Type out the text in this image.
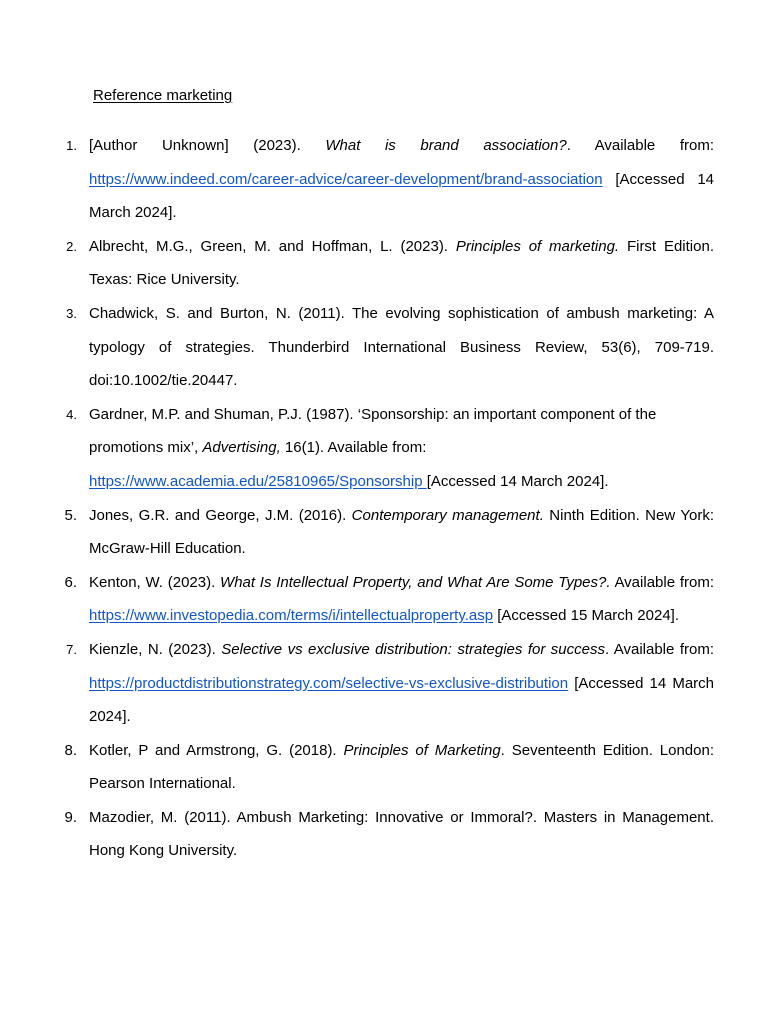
Reference marketing
1. [Author Unknown] (2023). What is brand association?. Available from: https://www.indeed.com/career-advice/career-development/brand-association [Accessed 14 March 2024].
2. Albrecht, M.G., Green, M. and Hoffman, L. (2023). Principles of marketing. First Edition. Texas: Rice University.
3. Chadwick, S. and Burton, N. (2011). The evolving sophistication of ambush marketing: A typology of strategies. Thunderbird International Business Review, 53(6), 709-719. doi:10.1002/tie.20447.
4. Gardner, M.P. and Shuman, P.J. (1987). ‘Sponsorship: an important component of the promotions mix’, Advertising, 16(1). Available from: https://www.academia.edu/25810965/Sponsorship [Accessed 14 March 2024].
5. Jones, G.R. and George, J.M. (2016). Contemporary management. Ninth Edition. New York: McGraw-Hill Education.
6. Kenton, W. (2023). What Is Intellectual Property, and What Are Some Types?. Available from: https://www.investopedia.com/terms/i/intellectualproperty.asp [Accessed 15 March 2024].
7. Kienzle, N. (2023). Selective vs exclusive distribution: strategies for success. Available from: https://productdistributionstrategy.com/selective-vs-exclusive-distribution [Accessed 14 March 2024].
8. Kotler, P and Armstrong, G. (2018). Principles of Marketing. Seventeenth Edition. London: Pearson International.
9. Mazodier, M. (2011). Ambush Marketing: Innovative or Immoral?. Masters in Management. Hong Kong University.
